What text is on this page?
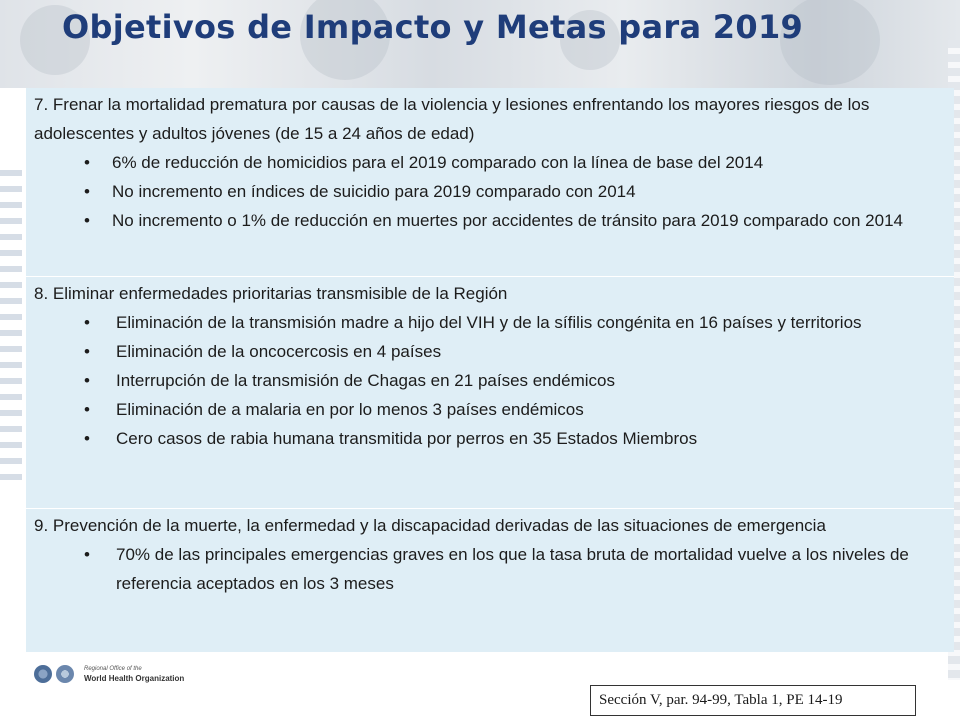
Objetivos de Impacto y Metas para 2019

7. Frenar la mortalidad prematura por causas de la violencia y lesiones enfrentando los mayores riesgos de los adolescentes y adultos jóvenes (de 15 a 24 años de edad)

• 6% de reducción de homicidios para el 2019 comparado con la línea de base del 2014
• No incremento en índices de suicidio para 2019 comparado con 2014
• No incremento o 1% de reducción en muertes por accidentes de tránsito para 2019 comparado con 2014

8. Eliminar enfermedades prioritarias transmisible de la Región

• Eliminación de la transmisión madre a hijo del VIH y de la sífilis congénita en 16 países y territorios
• Eliminación de la oncocercosis en 4 países
• Interrupción de la transmisión de Chagas en 21 países endémicos
• Eliminación de a malaria en por lo menos 3 países endémicos
• Cero casos de rabia humana transmitida por perros en 35 Estados Miembros

9. Prevención de la muerte, la enfermedad y la discapacidad derivadas de las situaciones de emergencia

• 70% de las principales emergencias graves en los que la tasa bruta de mortalidad vuelve a los niveles de referencia aceptados en los 3 meses
Regional Office of the
World Health Organization
Sección V, par. 94-99, Tabla 1, PE 14-19
